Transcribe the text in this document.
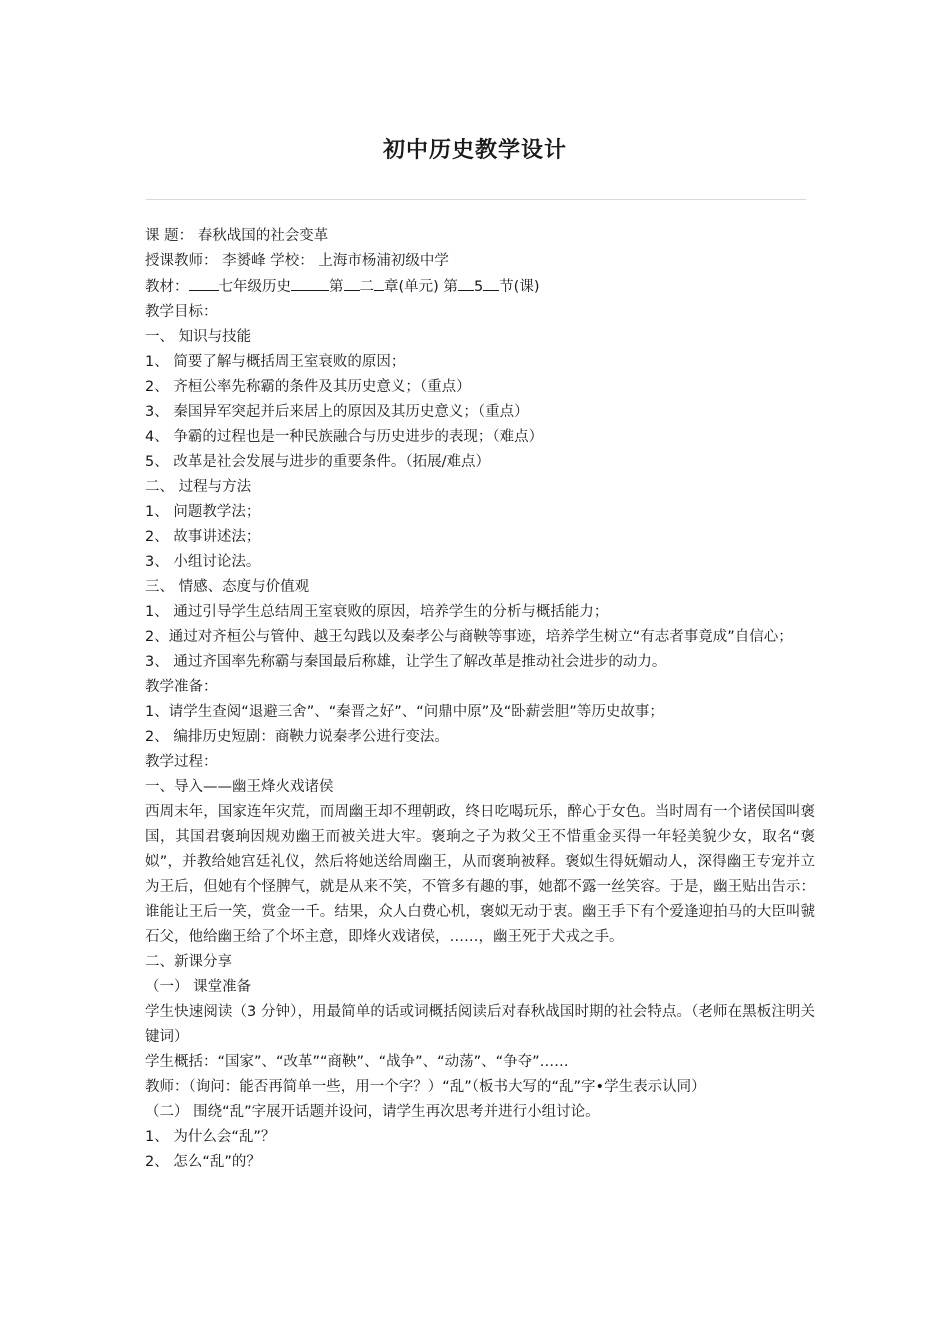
初中历史教学设计

课 题： 春秋战国的社会变革

授课教师： 李赟峰 学校： 上海市杨浦初级中学

教材： 七年级历史	第 二 章(单元) 第 5 节(课)

教学目标：

一、 知识与技能

1、 简要了解与概括周王室衰败的原因；

2、 齐桓公率先称霸的条件及其历史意义；（重点）

3、 秦国异军突起并后来居上的原因及其历史意义；（重点）

4、 争霸的过程也是一种民族融合与历史进步的表现；（难点）

5、 改革是社会发展与进步的重要条件。（拓展/难点）

二、 过程与方法

1、 问题教学法；

2、 故事讲述法；

3、 小组讨论法。

三、 情感、态度与价值观

1、 通过引导学生总结周王室衰败的原因，培养学生的分析与概括能力；

2、通过对齐桓公与管仲、越王勾践以及秦孝公与商鞅等事迹，培养学生树立“有志者事竟成”自信心；

3、 通过齐国率先称霸与秦国最后称雄，让学生了解改革是推动社会进步的动力。

教学准备：

1、请学生查阅“退避三舍”、“秦晋之好”、“问鼎中原”及“卧薪尝胆”等历史故事；

2、 编排历史短剧：商鞅力说秦孝公进行变法。

教学过程：

一、导入——幽王烽火戏诸侯

西周末年，国家连年灾荒，而周幽王却不理朝政，终日吃喝玩乐，醉心于女色。当时周有一个诸侯国叫褒国，其国君褒珦因规劝幽王而被关进大牢。褒珦之子为救父王不惜重金买得一年轻美貌少女，取名“褒姒”，并教给她宫廷礼仪，然后将她送给周幽王，从而褒珦被释。褒姒生得妩媚动人，深得幽王专宠并立为王后，但她有个怪脾气，就是从来不笑，不管多有趣的事，她都不露一丝笑容。于是，幽王贴出告示：谁能让王后一笑，赏金一千。结果，众人白费心机，褒姒无动于衷。幽王手下有个爱逢迎拍马的大臣叫虢石父，他给幽王给了个坏主意，即烽火戏诸侯，……，幽王死于犬戎之手。

二、新课分享

（一） 课堂准备

学生快速阅读（3 分钟），用最简单的话或词概括阅读后对春秋战国时期的社会特点。（老师在黑板注明关键词）

学生概括：“国家”、“改革”“商鞅”、“战争”、“动荡”、“争夺”……

教师：（询问：能否再简单一些，用一个字？）“乱”（板书大写的“乱”字•学生表示认同）

（二） 围绕“乱”字展开话题并设问，请学生再次思考并进行小组讨论。

1、 为什么会“乱”？

2、 怎么“乱”的？
